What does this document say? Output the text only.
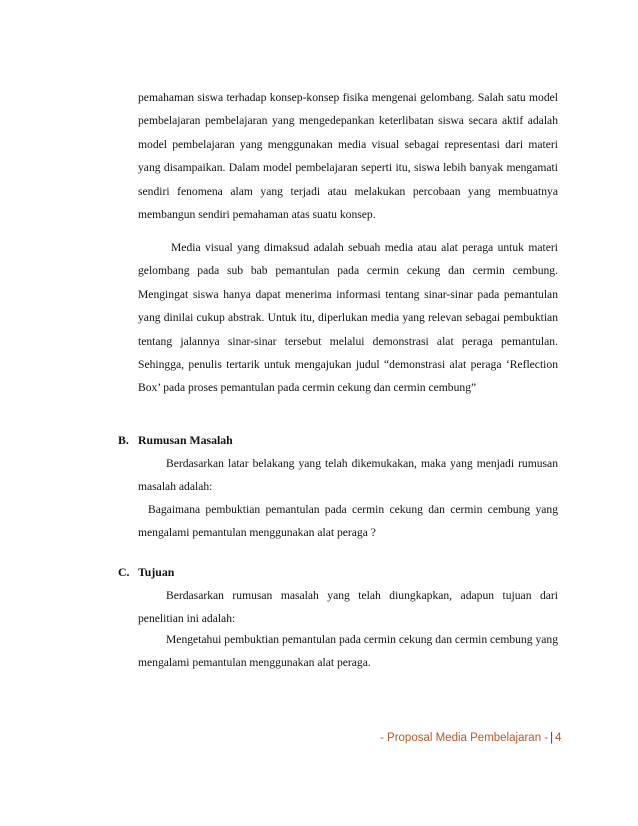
pemahaman siswa terhadap konsep-konsep fisika mengenai gelombang. Salah satu model pembelajaran pembelajaran yang mengedepankan keterlibatan siswa secara aktif adalah model pembelajaran yang menggunakan media visual sebagai representasi dari materi yang disampaikan. Dalam model pembelajaran seperti itu, siswa lebih banyak mengamati sendiri fenomena alam yang terjadi atau melakukan percobaan yang membuatnya membangun sendiri pemahaman atas suatu konsep.

Media visual yang dimaksud adalah sebuah media atau alat peraga untuk materi gelombang pada sub bab pemantulan pada cermin cekung dan cermin cembung. Mengingat siswa hanya dapat menerima informasi tentang sinar-sinar pada pemantulan yang dinilai cukup abstrak. Untuk itu, diperlukan media yang relevan sebagai pembuktian tentang jalannya sinar-sinar tersebut melalui demonstrasi alat peraga pemantulan. Sehingga, penulis tertarik untuk mengajukan judul “demonstrasi alat peraga ‘Reflection Box’ pada proses pemantulan pada cermin cekung dan cermin cembung”

B. Rumusan Masalah

Berdasarkan latar belakang yang telah dikemukakan, maka yang menjadi rumusan masalah adalah:

Bagaimana pembuktian pemantulan pada cermin cekung dan cermin cembung yang mengalami pemantulan menggunakan alat peraga ?

C. Tujuan

Berdasarkan rumusan masalah yang telah diungkapkan, adapun tujuan dari penelitian ini adalah:

Mengetahui pembuktian pemantulan pada cermin cekung dan cermin cembung yang mengalami pemantulan menggunakan alat peraga.

- Proposal Media Pembelajaran - | 4
